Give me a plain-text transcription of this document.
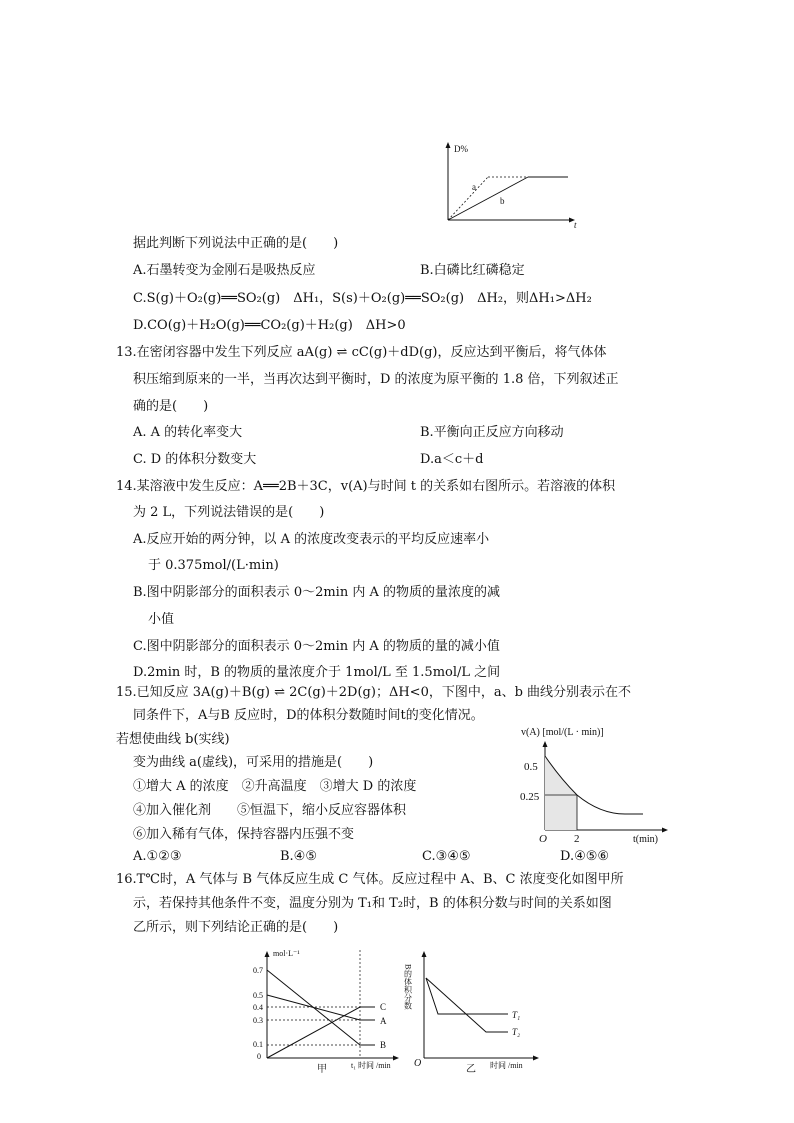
D%
t
a
b
据此判断下列说法中正确的是(　　)
A.石墨转变为金刚石是吸热反应	B.白磷比红磷稳定
C.S(g)＋O₂(g)══SO₂(g)　ΔH₁，S(s)＋O₂(g)══SO₂(g)　ΔH₂，则ΔH₁>ΔH₂
D.CO(g)＋H₂O(g)══CO₂(g)＋H₂(g)　ΔH>0
13.在密闭容器中发生下列反应 aA(g) ⇌ cC(g)＋dD(g)，反应达到平衡后，将气体体
积压缩到原来的一半，当再次达到平衡时，D 的浓度为原平衡的 1.8 倍，下列叙述正
确的是(　　)
A. A 的转化率变大	B.平衡向正反应方向移动
C. D 的体积分数变大	D.a＜c＋d
14.某溶液中发生反应：A══2B＋3C，v(A)与时间 t 的关系如右图所示。若溶液的体积
为 2 L，下列说法错误的是(　　)
A.反应开始的两分钟，以 A 的浓度改变表示的平均反应速率小
于 0.375mol/(L·min)
B.图中阴影部分的面积表示 0～2min 内 A 的物质的量浓度的减
小值
C.图中阴影部分的面积表示 0～2min 内 A 的物质的量的减小值
D.2min 时，B 的物质的量浓度介于 1mol/L 至 1.5mol/L 之间
15.已知反应 3A(g)＋B(g) ⇌ 2C(g)＋2D(g)；ΔH<0，下图中，a、b 曲线分别表示在不
同条件下，A与B 反应时，D的体积分数随时间t的变化情况。
若想使曲线 b(实线)
变为曲线 a(虚线)，可采用的措施是(　　)
①增大 A 的浓度　②升高温度　③增大 D 的浓度
④加入催化剂　　⑤恒温下，缩小反应容器体积
⑥加入稀有气体，保持容器内压强不变
A.①②③	B.④⑤	C.③④⑤	D.④⑤⑥
16.T℃时，A 气体与 B 气体反应生成 C 气体。反应过程中 A、B、C 浓度变化如图甲所
示，若保持其他条件不变，温度分别为 T₁和 T₂时，B 的体积分数与时间的关系如图
乙所示，则下列结论正确的是(　　)
v(A) [mol/(L · min)]
0.5
0.25
O 2	t(min)
mol·L⁻¹
0.7
0.5
0.4
0.3
0.1
0
C
A
B
甲	t₁ 时间 /min
B的体积分数
T₁
T₂
O
乙 时间 /min
